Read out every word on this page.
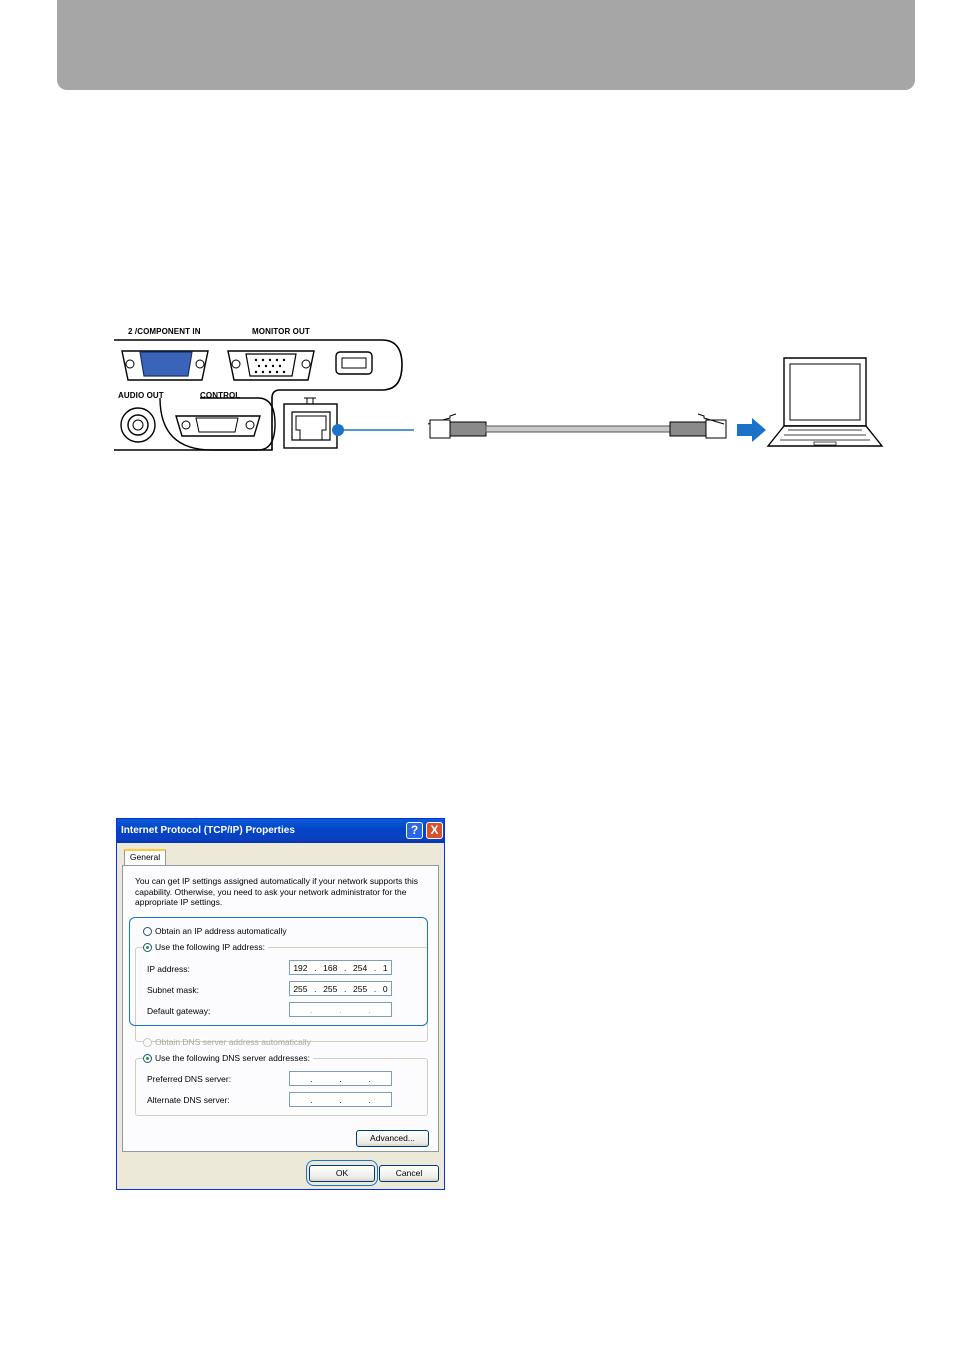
2 /COMPONENT IN	MONITOR OUT
AUDIO OUT	CONTROL
Internet Protocol (TCP/IP) Properties	?	X
General
You can get IP settings assigned automatically if your network supports this capability. Otherwise, you need to ask your network administrator for the appropriate IP settings.
Obtain an IP address automatically
Use the following IP address:
IP address:	192 . 168 . 254 . 1
Subnet mask:	255 . 255 . 255 . 0
Default gateway:	.	.	.
Obtain DNS server address automatically
Use the following DNS server addresses:
Preferred DNS server:	.	.	.
Alternate DNS server:	.	.	.
Advanced...
OK	Cancel
